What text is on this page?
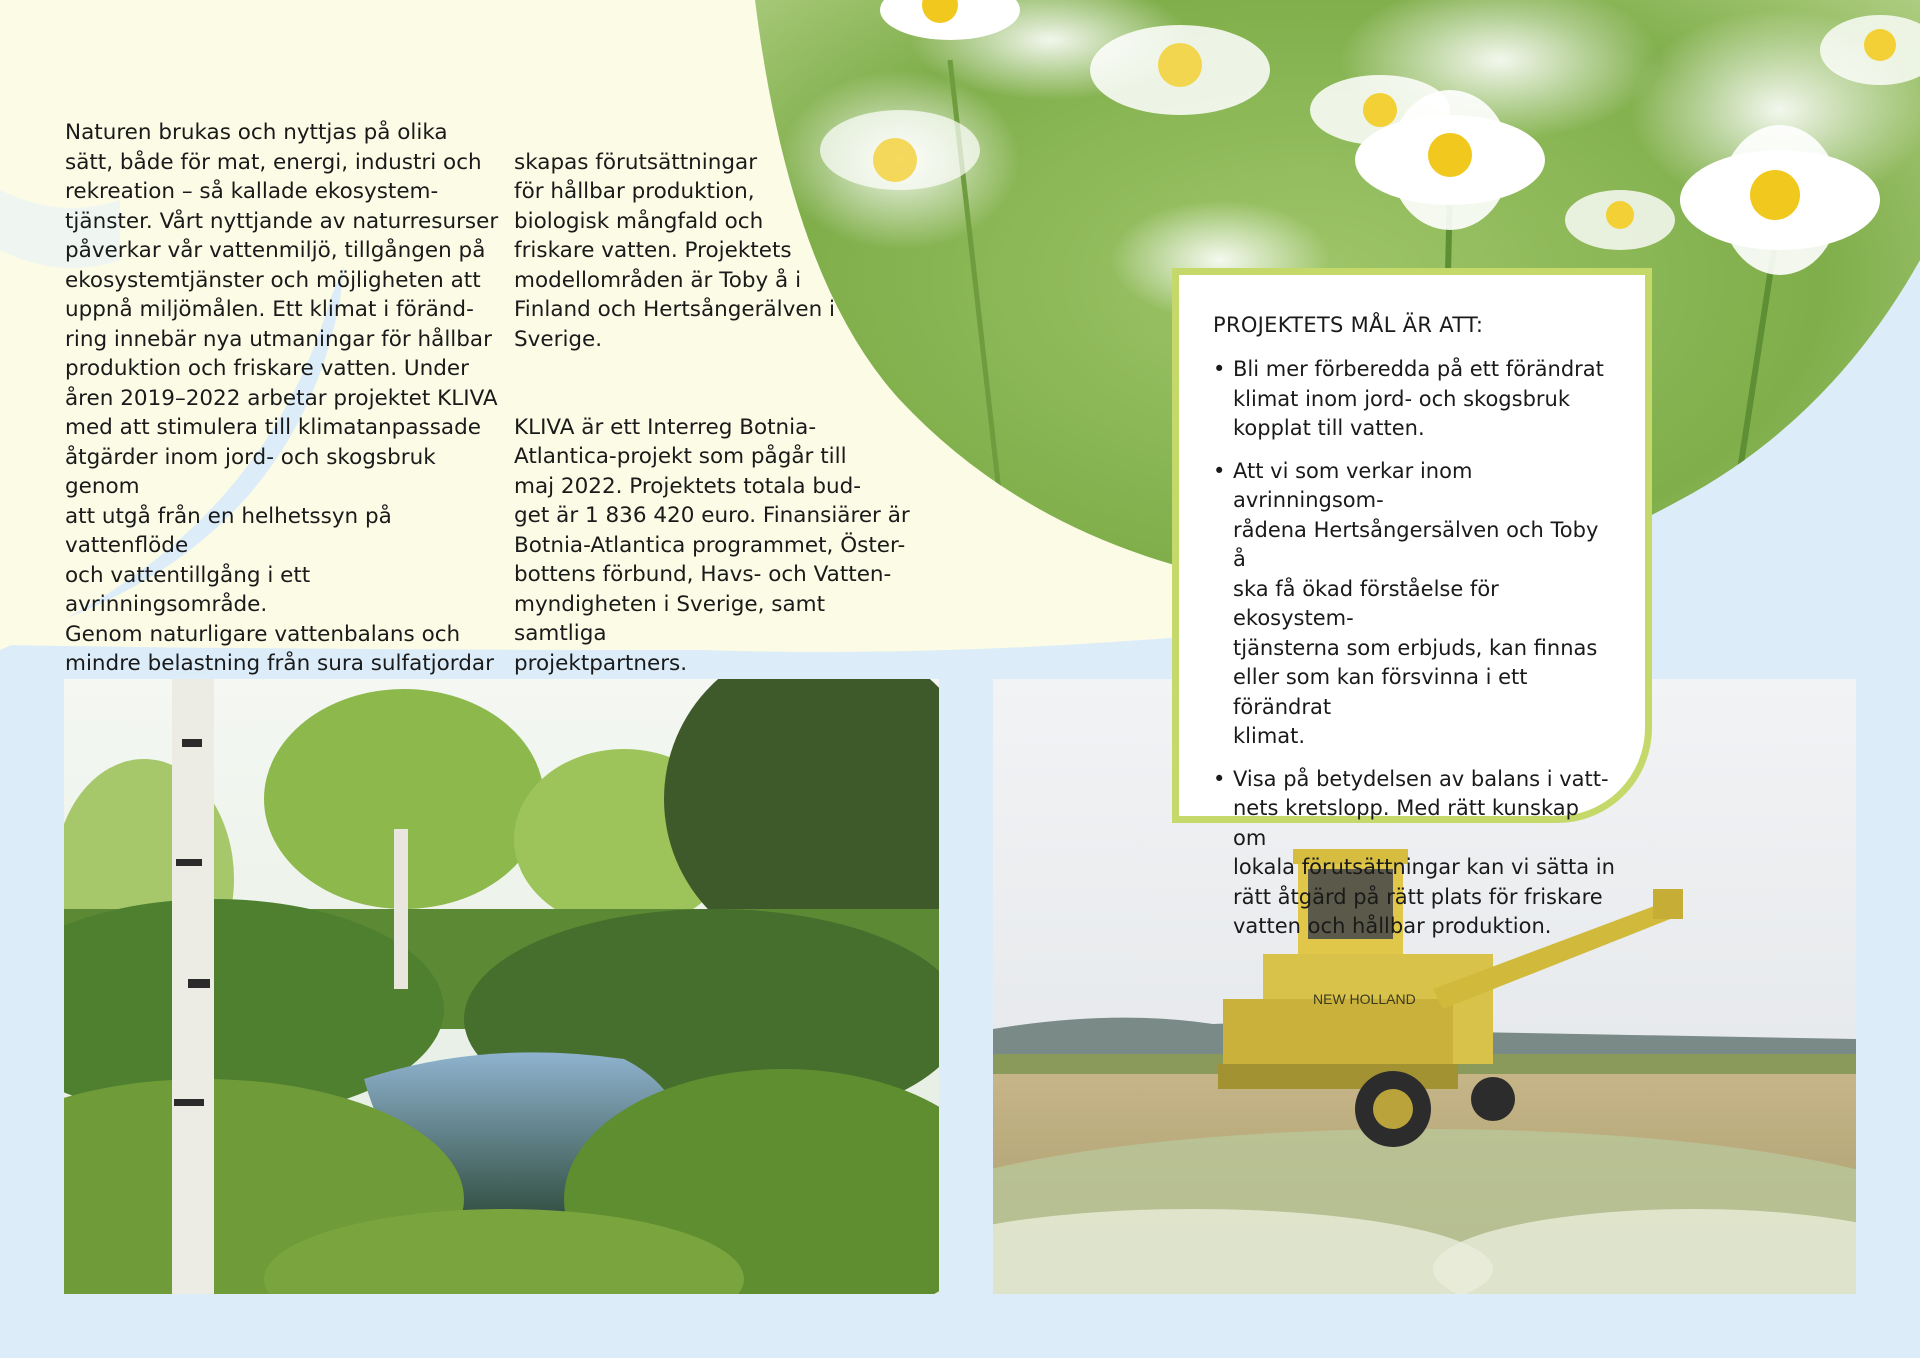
Naturen brukas och nyttjas på olika
sätt, både för mat, energi, industri och
rekreation – så kallade ekosystem-
tjänster. Vårt nyttjande av naturresurser
påverkar vår vattenmiljö, tillgången på
ekosystemtjänster och möjligheten att
uppnå miljömålen. Ett klimat i föränd-
ring innebär nya utmaningar för hållbar
produktion och friskare vatten. Under
åren 2019–2022 arbetar projektet KLIVA
med att stimulera till klimatanpassade
åtgärder inom jord- och skogsbruk genom
att utgå från en helhetssyn på vattenflöde
och vattentillgång i ett avrinningsområde.
Genom naturligare vattenbalans och
mindre belastning från sura sulfatjordar

skapas förutsättningar
för hållbar produktion,
biologisk mångfald och
friskare vatten. Projektets
modellområden är Toby å i
Finland och Hertsångerälven i
Sverige.

KLIVA är ett Interreg Botnia-
Atlantica-projekt som pågår till
maj 2022. Projektets totala bud-
get är 1 836 420 euro. Finansiärer är
Botnia-Atlantica programmet, Öster-
bottens förbund, Havs- och Vatten-
myndigheten i Sverige, samt samtliga
projektpartners.

NEW HOLLAND
PROJEKTETS MÅL ÄR ATT:
• Bli mer förberedda på ett förändrat
klimat inom jord- och skogsbruk
kopplat till vatten.
• Att vi som verkar inom avrinningsom-
rådena Hertsångersälven och Toby å
ska få ökad förståelse för ekosystem-
tjänsterna som erbjuds, kan finnas
eller som kan försvinna i ett förändrat
klimat.
• Visa på betydelsen av balans i vatt-
nets kretslopp. Med rätt kunskap om
lokala förutsättningar kan vi sätta in
rätt åtgärd på rätt plats för friskare
vatten och hållbar produktion.
